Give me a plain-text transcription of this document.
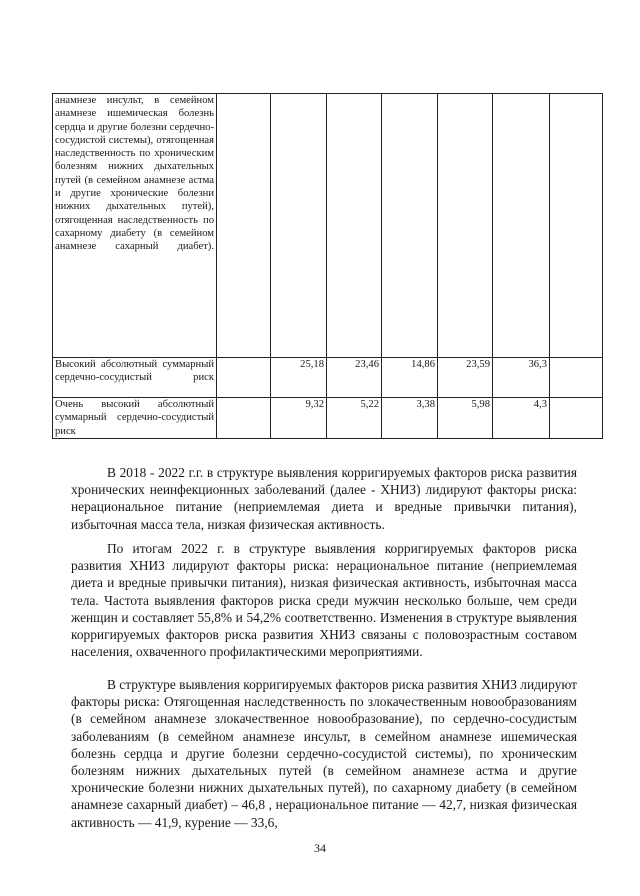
анамнезе инсульт, в семейном анамнезе ишемическая болезнь сердца и другие болезни сердечно-сосудистой системы), отягощенная наследственность по хроническим болезням нижних дыхательных путей (в семейном анамнезе астма и другие хронические болезни нижних дыхательных путей), отягощенная наследственность по сахарному диабету (в семейном анамнезе сахарный диабет).							
Высокий абсолютный суммарный сердечно-сосудистый риск		25,18	23,46	14,86	23,59	36,3	
Очень высокий абсолютный суммарный сердечно-сосудистый риск		9,32	5,22	3,38	5,98	4,3	

В 2018 - 2022 г.г. в структуре выявления корригируемых факторов риска развития хронических неинфекционных заболеваний (далее - ХНИЗ) лидируют факторы риска: нерациональное питание (неприемлемая диета и вредные привычки питания), избыточная масса тела, низкая физическая активность.

По итогам 2022 г. в структуре выявления корригируемых факторов риска развития ХНИЗ лидируют факторы риска: нерациональное питание (неприемлемая диета и вредные привычки питания), низкая физическая активность, избыточная масса тела. Частота выявления факторов риска среди мужчин несколько больше, чем среди женщин и составляет 55,8% и 54,2% соответственно. Изменения в структуре выявления корригируемых факторов риска развития ХНИЗ связаны с половозрастным составом населения, охваченного профилактическими мероприятиями.

В структуре выявления корригируемых факторов риска развития ХНИЗ лидируют факторы риска: Отягощенная наследственность по злокачественным новообразованиям (в семейном анамнезе злокачественное новообразование), по сердечно-сосудистым заболеваниям (в семейном анамнезе инсульт, в семейном анамнезе ишемическая болезнь сердца и другие болезни сердечно-сосудистой системы), по хроническим болезням нижних дыхательных путей (в семейном анамнезе астма и другие хронические болезни нижних дыхательных путей), по сахарному диабету (в семейном анамнезе сахарный диабет) – 46,8 , нерациональное питание — 42,7, низкая физическая активность — 41,9, курение — 33,6,

34
